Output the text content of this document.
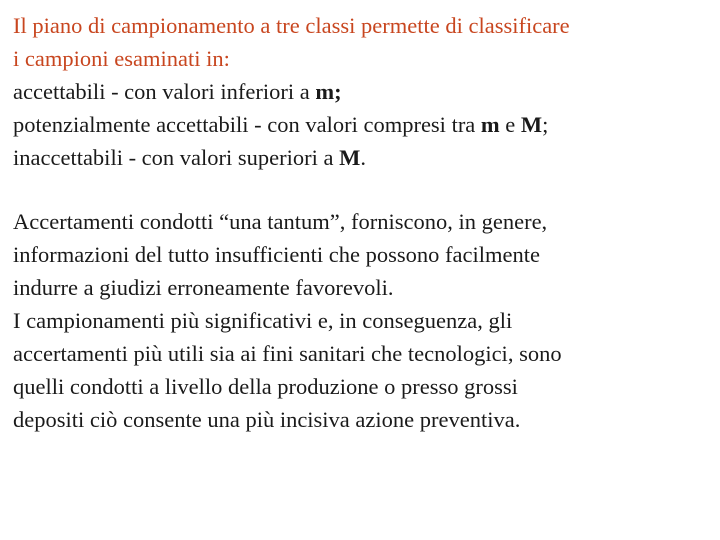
Il piano di campionamento a tre classi permette di classificare
i campioni esaminati in:
accettabili - con valori inferiori a m;
potenzialmente accettabili - con valori compresi tra m e M;
inaccettabili - con valori superiori a M.

Accertamenti condotti “una tantum”, forniscono, in genere,
informazioni del tutto insufficienti che possono facilmente
indurre a giudizi erroneamente favorevoli.
I campionamenti più significativi e, in conseguenza, gli
accertamenti più utili sia ai fini sanitari che tecnologici, sono
quelli condotti a livello della produzione o presso grossi
depositi ciò consente una più incisiva azione preventiva.
